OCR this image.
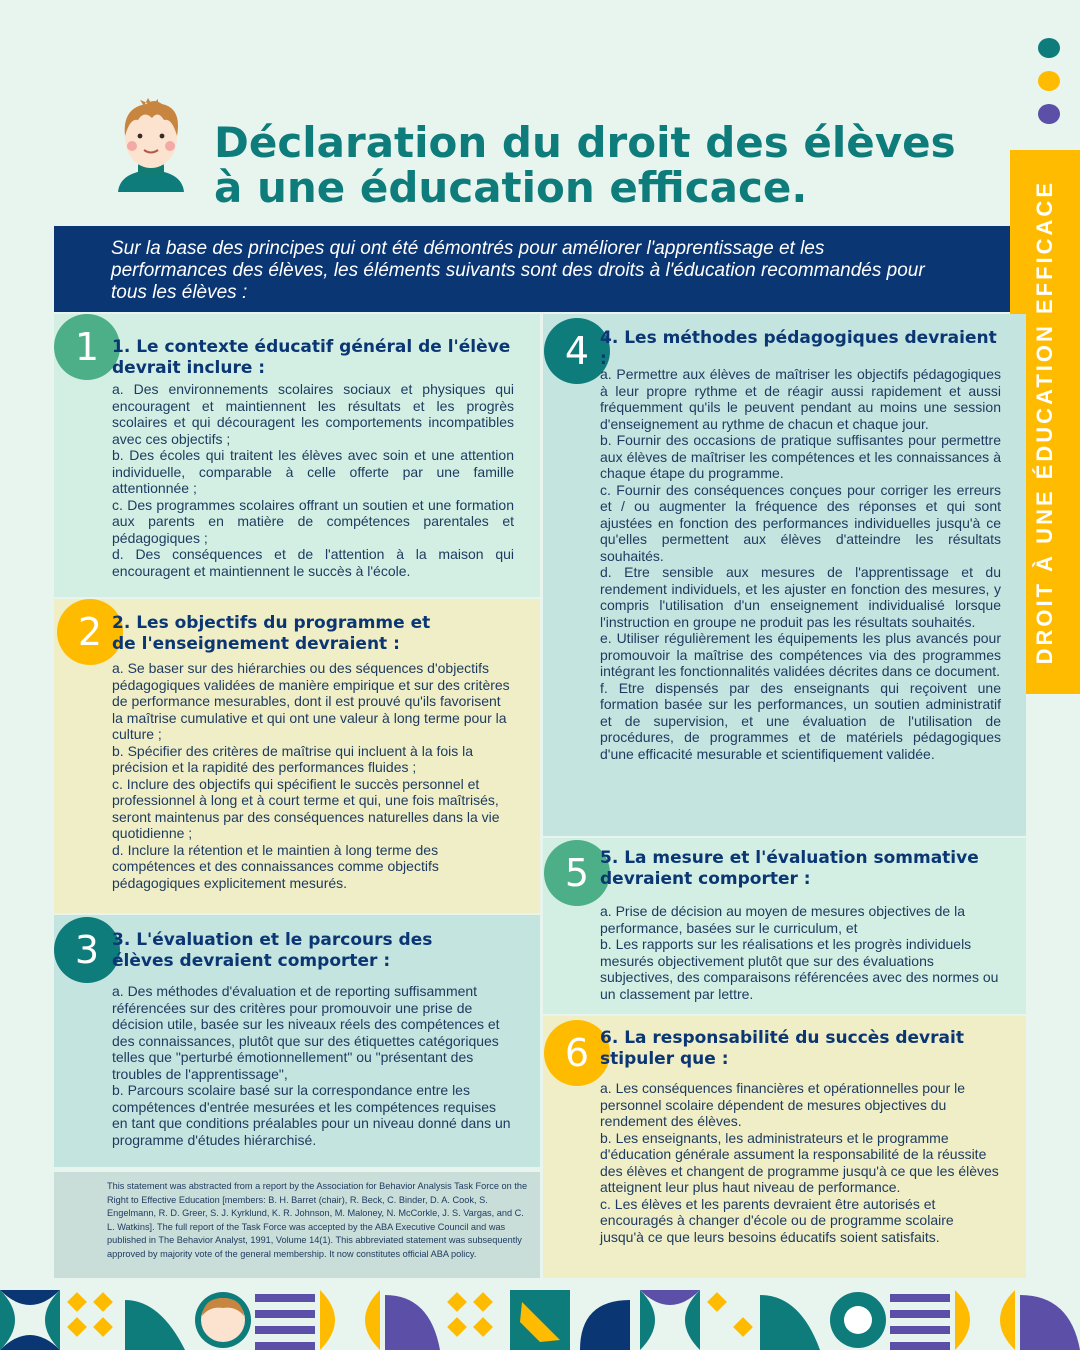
DROIT À UNE ÉDUCATION EFFICACE
Déclaration du droit des élèves
à une éducation efficace.

Sur la base des principes qui ont été démontrés pour améliorer l'apprentissage et les performances des élèves, les éléments suivants sont des droits à l'éducation recommandés pour tous les élèves :

1 1. Le contexte éducatif général de l'élève devrait inclure :

a. Des environnements scolaires sociaux et physiques qui encouragent et maintiennent les résultats et les progrès scolaires et qui découragent les comportements incompatibles avec ces objectifs ;

b. Des écoles qui traitent les élèves avec soin et une attention individuelle, comparable à celle offerte par une famille attentionnée ;

c. Des programmes scolaires offrant un soutien et une formation aux parents en matière de compétences parentales et pédagogiques ;

d. Des conséquences et de l'attention à la maison qui encouragent et maintiennent le succès à l'école.

2 2. Les objectifs du programme et de l'enseignement devraient :

a. Se baser sur des hiérarchies ou des séquences d'objectifs pédagogiques validées de manière empirique et sur des critères de performance mesurables, dont il est prouvé qu'ils favorisent la maîtrise cumulative et qui ont une valeur à long terme pour la culture ;

b. Spécifier des critères de maîtrise qui incluent à la fois la précision et la rapidité des performances fluides ;

c. Inclure des objectifs qui spécifient le succès personnel et professionnel à long et à court terme et qui, une fois maîtrisés, seront maintenus par des conséquences naturelles dans la vie quotidienne ;

d. Inclure la rétention et le maintien à long terme des compétences et des connaissances comme objectifs pédagogiques explicitement mesurés.

3 3. L'évaluation et le parcours des élèves devraient comporter :

a. Des méthodes d'évaluation et de reporting suffisamment référencées sur des critères pour promouvoir une prise de décision utile, basée sur les niveaux réels des compétences et des connaissances, plutôt que sur des étiquettes catégoriques telles que "perturbé émotionnellement" ou "présentant des troubles de l'apprentissage",

b. Parcours scolaire basé sur la correspondance entre les compétences d'entrée mesurées et les compétences requises en tant que conditions préalables pour un niveau donné dans un programme d'études hiérarchisé.

This statement was abstracted from a report by the Association for Behavior Analysis Task Force on the Right to Effective Education [members: B. H. Barret (chair), R. Beck, C. Binder, D. A. Cook, S. Engelmann, R. D. Greer, S. J. Kyrklund, K. R. Johnson, M. Maloney, N. McCorkle, J. S. Vargas, and C. L. Watkins]. The full report of the Task Force was accepted by the ABA Executive Council and was published in The Behavior Analyst, 1991, Volume 14(1). This abbreviated statement was subsequently approved by majority vote of the general membership. It now constitutes official ABA policy.

4 4. Les méthodes pédagogiques devraient :

a. Permettre aux élèves de maîtriser les objectifs pédagogiques à leur propre rythme et de réagir aussi rapidement et aussi fréquemment qu'ils le peuvent pendant au moins une session d'enseignement au rythme de chacun et chaque jour.

b. Fournir des occasions de pratique suffisantes pour permettre aux élèves de maîtriser les compétences et les connaissances à chaque étape du programme.

c. Fournir des conséquences conçues pour corriger les erreurs et / ou augmenter la fréquence des réponses et qui sont ajustées en fonction des performances individuelles jusqu'à ce qu'elles permettent aux élèves d'atteindre les résultats souhaités.

d. Etre sensible aux mesures de l'apprentissage et du rendement individuels, et les ajuster en fonction des mesures, y compris l'utilisation d'un enseignement individualisé lorsque l'instruction en groupe ne produit pas les résultats souhaités.

e. Utiliser régulièrement les équipements les plus avancés pour promouvoir la maîtrise des compétences via des programmes intégrant les fonctionnalités validées décrites dans ce document.

f. Etre dispensés par des enseignants qui reçoivent une formation basée sur les performances, un soutien administratif et de supervision, et une évaluation de l'utilisation de procédures, de programmes et de matériels pédagogiques d'une efficacité mesurable et scientifiquement validée.

5 5. La mesure et l'évaluation sommative devraient comporter :

a. Prise de décision au moyen de mesures objectives de la performance, basées sur le curriculum, et

b. Les rapports sur les réalisations et les progrès individuels mesurés objectivement plutôt que sur des évaluations subjectives, des comparaisons référencées avec des normes ou un classement par lettre.

6 6. La responsabilité du succès devrait stipuler que :

a. Les conséquences financières et opérationnelles pour le personnel scolaire dépendent de mesures objectives du rendement des élèves.

b. Les enseignants, les administrateurs et le programme d'éducation générale assument la responsabilité de la réussite des élèves et changent de programme jusqu'à ce que les élèves atteignent leur plus haut niveau de performance.

c. Les élèves et les parents devraient être autorisés et encouragés à changer d'école ou de programme scolaire jusqu'à ce que leurs besoins éducatifs soient satisfaits.
